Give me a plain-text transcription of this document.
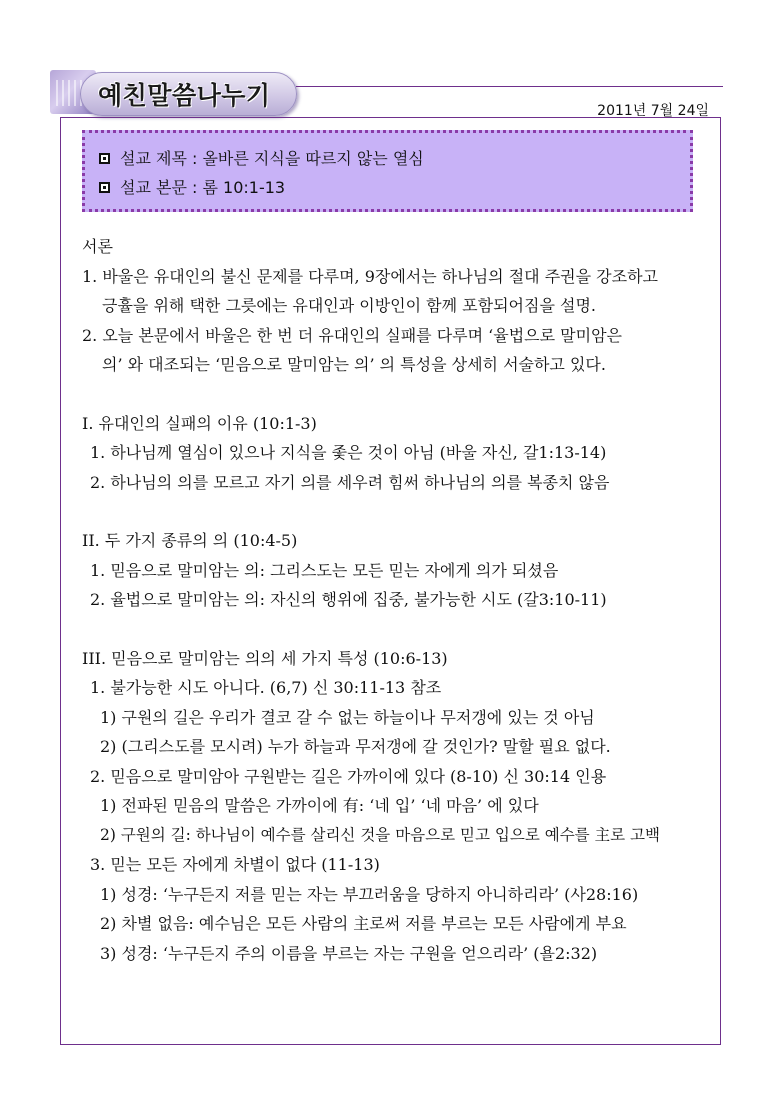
예친말씀나누기
2011년 7월 24일
설교 제목 : 올바른 지식을 따르지 않는 열심
설교 본문 : 롬 10:1-13
서론
1. 바울은 유대인의 불신 문제를 다루며, 9장에서는 하나님의 절대 주권을 강조하고
긍휼을 위해 택한 그릇에는 유대인과 이방인이 함께 포함되어짐을 설명.
2. 오늘 본문에서 바울은 한 번 더 유대인의 실패를 다루며 ‘율법으로 말미암은
의’ 와 대조되는 ‘믿음으로 말미암는 의’ 의 특성을 상세히 서술하고 있다.
I. 유대인의 실패의 이유 (10:1-3)
1. 하나님께 열심이 있으나 지식을 좇은 것이 아님 (바울 자신, 갈1:13-14)
2. 하나님의 의를 모르고 자기 의를 세우려 힘써 하나님의 의를 복종치 않음
II. 두 가지 종류의 의 (10:4-5)
1. 믿음으로 말미암는 의: 그리스도는 모든 믿는 자에게 의가 되셨음
2. 율법으로 말미암는 의: 자신의 행위에 집중, 불가능한 시도 (갈3:10-11)
III. 믿음으로 말미암는 의의 세 가지 특성 (10:6-13)
1. 불가능한 시도 아니다. (6,7) 신 30:11-13 참조
1) 구원의 길은 우리가 결코 갈 수 없는 하늘이나 무저갱에 있는 것 아님
2) (그리스도를 모시려) 누가 하늘과 무저갱에 갈 것인가? 말할 필요 없다.
2. 믿음으로 말미암아 구원받는 길은 가까이에 있다 (8-10) 신 30:14 인용
1) 전파된 믿음의 말씀은 가까이에 有: ‘네 입’ ‘네 마음’ 에 있다
2) 구원의 길: 하나님이 예수를 살리신 것을 마음으로 믿고 입으로 예수를 主로 고백
3. 믿는 모든 자에게 차별이 없다 (11-13)
1) 성경: ‘누구든지 저를 믿는 자는 부끄러움을 당하지 아니하리라’ (사28:16)
2) 차별 없음: 예수님은 모든 사람의 主로써 저를 부르는 모든 사람에게 부요
3) 성경: ‘누구든지 주의 이름을 부르는 자는 구원을 얻으리라’ (욜2:32)
